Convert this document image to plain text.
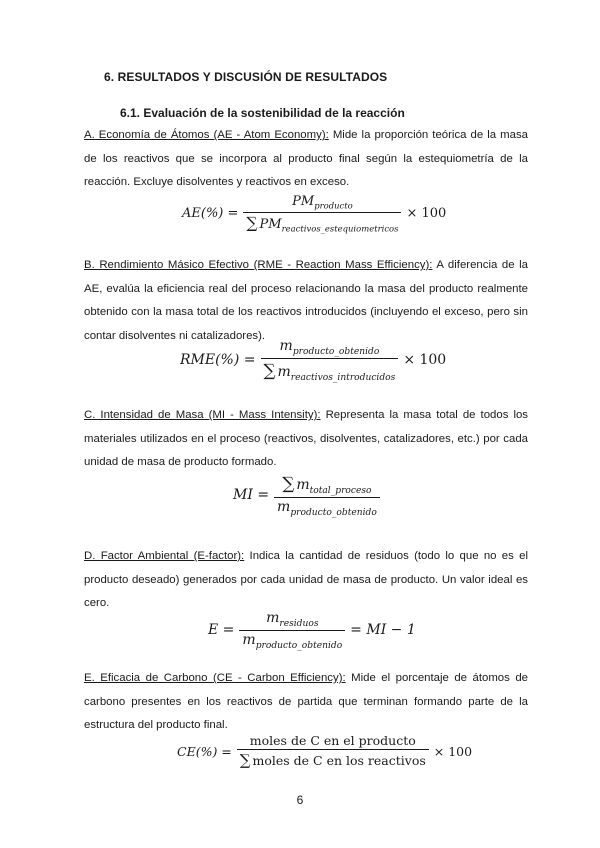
6. RESULTADOS Y DISCUSIÓN DE RESULTADOS
6.1. Evaluación de la sostenibilidad de la reacción
A. Economía de Átomos (AE - Atom Economy): Mide la proporción teórica de la masa de los reactivos que se incorpora al producto final según la estequiometría de la reacción. Excluye disolventes y reactivos en exceso.
$AE(\%) = \frac{PM_{producto}}{\sum PM_{reactivos\_estequiometricos}} \times 100$
B. Rendimiento Másico Efectivo (RME - Reaction Mass Efficiency): A diferencia de la AE, evalúa la eficiencia real del proceso relacionando la masa del producto realmente obtenido con la masa total de los reactivos introducidos (incluyendo el exceso, pero sin contar disolventes ni catalizadores).
$RME(\%) = \frac{m_{producto\_obtenido}}{\sum m_{reactivos\_introducidos}} \times 100$
C. Intensidad de Masa (MI - Mass Intensity): Representa la masa total de todos los materiales utilizados en el proceso (reactivos, disolventes, catalizadores, etc.) por cada unidad de masa de producto formado.
MI = $\frac{\sum m_{total\_proceso}}{m_{producto\_obtenido}}$
D. Factor Ambiental (E-factor): Indica la cantidad de residuos (todo lo que no es el producto deseado) generados por cada unidad de masa de producto. Un valor ideal es cero.
$E = \frac{m_{residuos}}{m_{producto\_obtenido}}$ = MI − 1
E. Eficacia de Carbono (CE - Carbon Efficiency): Mide el porcentaje de átomos de carbono presentes en los reactivos de partida que terminan formando parte de la estructura del producto final.
$CE(\%) = \frac{\text{moles de C en el producto}}{\text{∑ moles de C en los reactivos}} \times 100$
6
